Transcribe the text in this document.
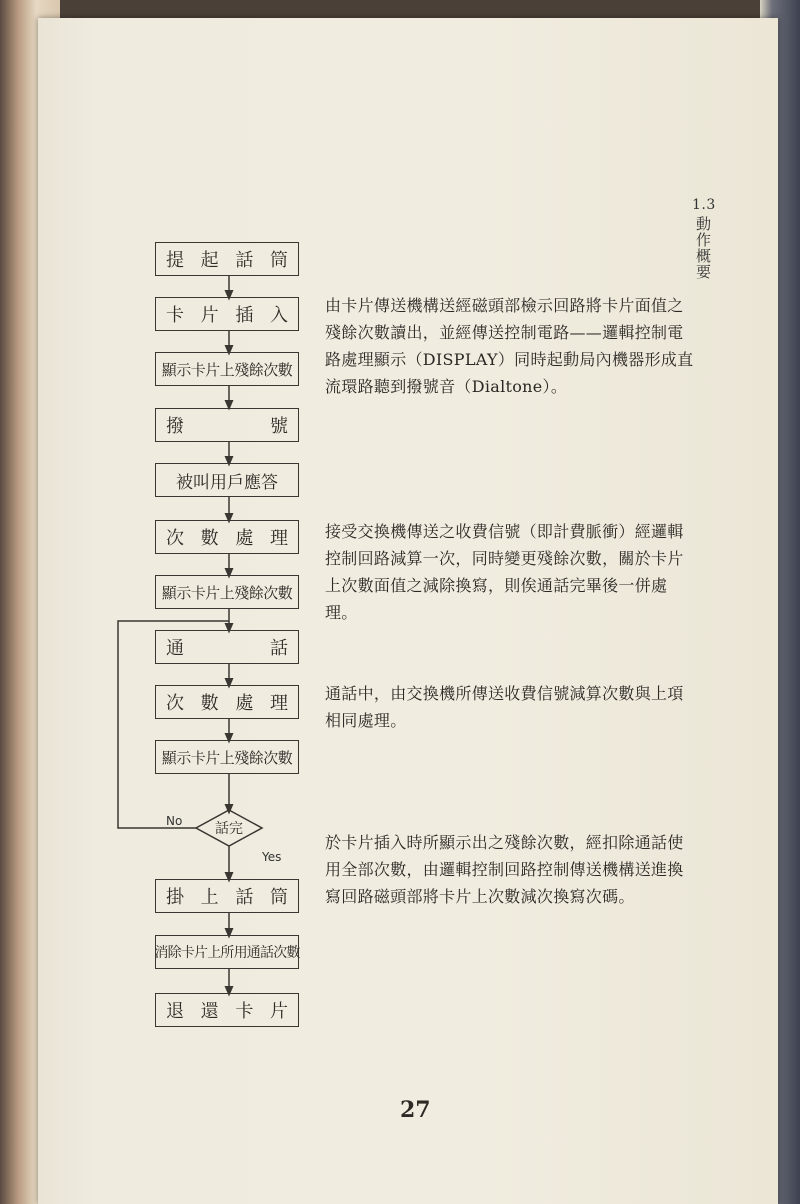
1.3
動作概要
話完
No
Yes
提 起 話 筒
卡 片 插 入
顯示卡片上殘餘次數
撥	號
被叫用戶應答
次 數 處 理
顯示卡片上殘餘次數
通	話
次 數 處 理
顯示卡片上殘餘次數
掛 上 話 筒
消除卡片上所用通話次數
退 還 卡 片
由卡片傳送機構送經磁頭部檢示回路將卡片面值之殘餘次數讀出，並經傳送控制電路——邏輯控制電路處理顯示（DISPLAY）同時起動局內機器形成直流環路聽到撥號音（Dialtone）。
接受交換機傳送之收費信號（即計費脈衝）經邏輯控制回路減算一次，同時變更殘餘次數，關於卡片上次數面值之減除換寫，則俟通話完畢後一併處理。
通話中，由交換機所傳送收費信號減算次數與上項相同處理。
於卡片插入時所顯示出之殘餘次數，經扣除通話使用全部次數，由邏輯控制回路控制傳送機構送進換寫回路磁頭部將卡片上次數減次換寫次碼。
27
